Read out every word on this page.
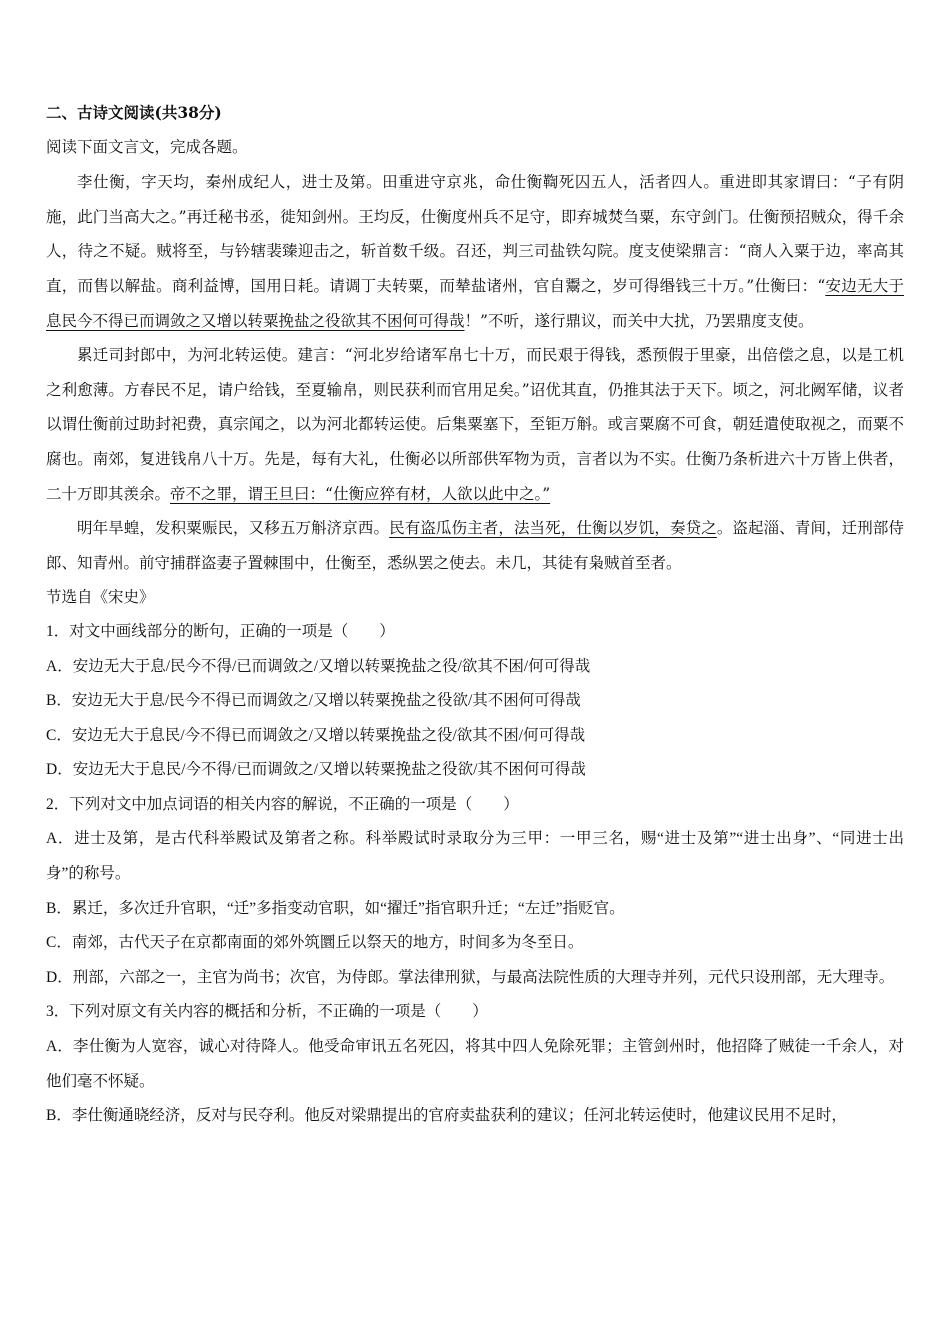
二、古诗文阅读(共38分)

阅读下面文言文，完成各题。

李仕衡，字天均，秦州成纪人，进士及第。田重进守京兆，命仕衡鞫死囚五人，活者四人。重进即其家谓曰：“子有阴施，此门当高大之。”再迁秘书丞，徙知剑州。王均反，仕衡度州兵不足守，即弃城焚刍粟，东守剑门。仕衡预招贼众，得千余人，待之不疑。贼将至，与钤辖裴臻迎击之，斩首数千级。召还，判三司盐铁勾院。度支使梁鼎言：“商人入粟于边，率高其直，而售以解盐。商利益博，国用日耗。请调丁夫转粟，而辇盐诸州，官自鬻之，岁可得缗钱三十万。”仕衡曰：“安边无大于息民今不得已而调敛之又增以转粟挽盐之役欲其不困何可得哉！”不听，遂行鼎议，而关中大扰，乃罢鼎度支使。

累迁司封郎中，为河北转运使。建言：“河北岁给诸军帛七十万，而民艰于得钱，悉预假于里豪，出倍偿之息，以是工机之利愈薄。方春民不足，请户给钱，至夏输帛，则民获利而官用足矣。”诏优其直，仍推其法于天下。顷之，河北阙军储，议者以谓仕衡前过助封祀费，真宗闻之，以为河北都转运使。后集粟塞下，至钜万斛。或言粟腐不可食，朝廷遣使取视之，而粟不腐也。南郊，复进钱帛八十万。先是，每有大礼，仕衡必以所部供军物为贡，言者以为不实。仕衡乃条析进六十万皆上供者，二十万即其羡余。帝不之罪，谓王旦曰：“仕衡应猝有材，人欲以此中之。”

明年旱蝗，发积粟赈民，又移五万斛济京西。民有盗瓜伤主者，法当死，仕衡以岁饥，奏贷之。盗起淄、青间，迁刑部侍郎、知青州。前守捕群盗妻子置棘围中，仕衡至，悉纵罢之使去。未几，其徒有枭贼首至者。

节选自《宋史》

1．对文中画线部分的断句，正确的一项是（　　）

A．安边无大于息/民今不得/已而调敛之/又增以转粟挽盐之役/欲其不困/何可得哉

B．安边无大于息/民今不得已而调敛之/又增以转粟挽盐之役欲/其不困何可得哉

C．安边无大于息民/今不得已而调敛之/又增以转粟挽盐之役/欲其不困/何可得哉

D．安边无大于息民/今不得/已而调敛之/又增以转粟挽盐之役欲/其不困何可得哉

2．下列对文中加点词语的相关内容的解说，不正确的一项是（　　）

A．进士及第，是古代科举殿试及第者之称。科举殿试时录取分为三甲：一甲三名，赐“进士及第”“进士出身”、“同进士出身”的称号。

B．累迁，多次迁升官职，“迁”多指变动官职，如“擢迁”指官职升迁；“左迁”指贬官。

C．南郊，古代天子在京都南面的郊外筑圜丘以祭天的地方，时间多为冬至日。

D．刑部，六部之一，主官为尚书；次官，为侍郎。掌法律刑狱，与最高法院性质的大理寺并列，元代只设刑部，无大理寺。

3．下列对原文有关内容的概括和分析，不正确的一项是（　　）

A．李仕衡为人宽容，诚心对待降人。他受命审讯五名死囚，将其中四人免除死罪；主管剑州时，他招降了贼徒一千余人，对他们毫不怀疑。

B．李仕衡通晓经济，反对与民夺利。他反对梁鼎提出的官府卖盐获利的建议；任河北转运使时，他建议民用不足时，
